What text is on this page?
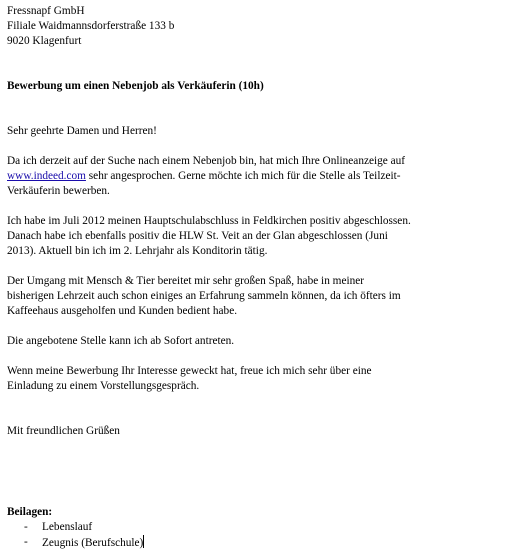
Fressnapf GmbH
Filiale Waidmannsdorferstraße 133 b
9020 Klagenfurt
Bewerbung um einen Nebenjob als Verkäuferin (10h)
Sehr geehrte Damen und Herren!
Da ich derzeit auf der Suche nach einem Nebenjob bin, hat mich Ihre Onlineanzeige auf
www.indeed.com sehr angesprochen. Gerne möchte ich mich für die Stelle als Teilzeit-
Verkäuferin bewerben.
Ich habe im Juli 2012 meinen Hauptschulabschluss in Feldkirchen positiv abgeschlossen.
Danach habe ich ebenfalls positiv die HLW St. Veit an der Glan abgeschlossen (Juni
2013). Aktuell bin ich im 2. Lehrjahr als Konditorin tätig.
Der Umgang mit Mensch & Tier bereitet mir sehr großen Spaß, habe in meiner
bisherigen Lehrzeit auch schon einiges an Erfahrung sammeln können, da ich öfters im
Kaffeehaus ausgeholfen und Kunden bedient habe.
Die angebotene Stelle kann ich ab Sofort antreten.
Wenn meine Bewerbung Ihr Interesse geweckt hat, freue ich mich sehr über eine
Einladung zu einem Vorstellungsgespräch.
Mit freundlichen Grüßen
Beilagen:
- Lebenslauf
- Zeugnis (Berufschule)
